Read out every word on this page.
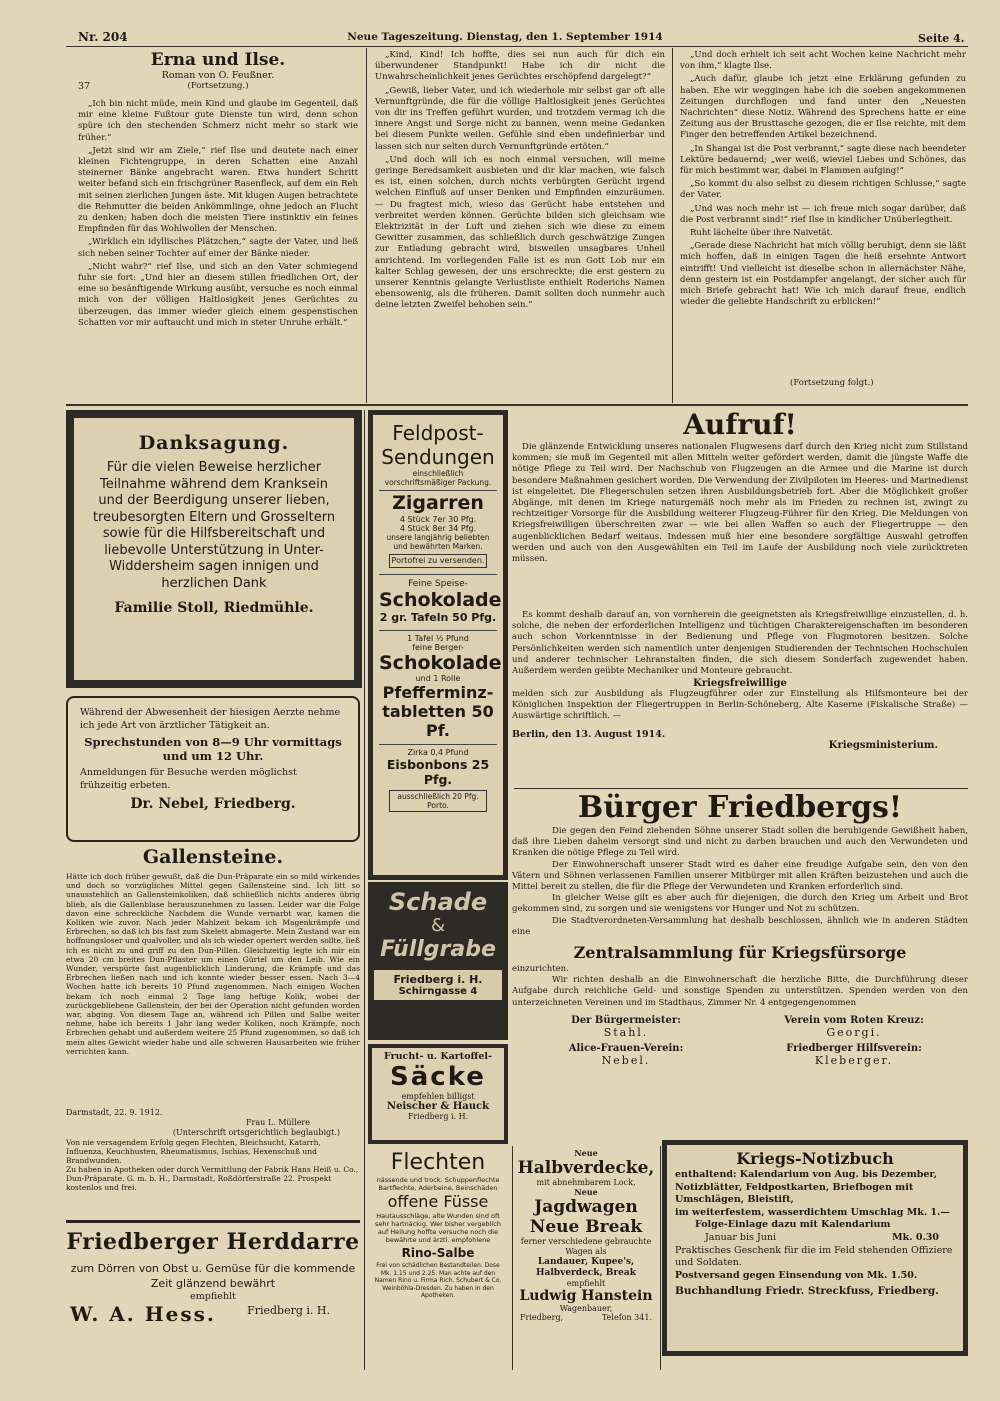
Nr. 204	Neue Tageszeitung. Dienstag, den 1. September 1914	Seite 4.
Erna und Ilse.
Roman von O. Feußner.
37	(Fortsetzung.)

„Ich bin nicht müde, mein Kind und glaube im Gegenteil, daß mir eine kleine Fußtour gute Dienste tun wird, denn schon spüre ich den stechenden Schmerz nicht mehr so stark wie früher.“

„Jetzt sind wir am Ziele,“ rief Ilse und deutete nach einer kleinen Fichtengruppe, in deren Schatten eine Anzahl steinerner Bänke angebracht waren. Etwa hundert Schritt weiter befand sich ein frischgrüner Rasenfleck, auf dem ein Reh mit seinen zierlichen Jungen äste. Mit klugen Augen betrachtete die Rehmutter die beiden Ankömmlinge, ohne jedoch an Flucht zu denken; haben doch die meisten Tiere instinktiv ein feines Empfinden für das Wohlwollen der Menschen.

„Wirklich ein idyllisches Plätzchen,“ sagte der Vater, und ließ sich neben seiner Tochter auf einer der Bänke nieder.

„Nicht wahr?“ rief Ilse, und sich an den Vater schmiegend fuhr sie fort: „Und hier an diesem stillen friedlichen Ort, der eine so besänftigende Wirkung ausübt, versuche es noch einmal mich von der völligen Haltlosigkeit jenes Gerüchtes zu überzeugen, das immer wieder gleich einem gespenstischen Schatten vor mir auftaucht und mich in steter Unruhe erhält.“

„Kind, Kind! Ich hoffte, dies sei nun auch für dich ein überwundener Standpunkt! Habe ich dir nicht die Unwahrscheinlichkeit jenes Gerüchtes erschöpfend dargelegt?“

„Gewiß, lieber Vater, und ich wiederhole mir selbst gar oft alle Vernunftgründe, die für die völlige Haltlosigkeit jenes Gerüchtes von dir ins Treffen geführt wurden, und trotzdem vermag ich die innere Angst und Sorge nicht zu bannen, wenn meine Gedanken bei diesem Punkte weilen. Gefühle sind eben undefinierbar und lassen sich nur selten durch Vernunftgründe ertöten.“

„Und doch will ich es noch einmal versuchen, will meine geringe Beredsamkeit ausbieten und dir klar machen, wie falsch es ist, einen solchen, durch nichts verbürgten Gerücht irgend welchen Einfluß auf unser Denken und Empfinden einzuräumen. — Du fragtest mich, wieso das Gerücht habe entstehen und verbreitet werden können. Gerüchte bilden sich gleichsam wie Elektrizität in der Luft und ziehen sich wie diese zu einem Gewitter zusammen, das schließlich durch geschwätzige Zungen zur Entladung gebracht wird, bisweilen unsagbares Unheil anrichtend. Im vorliegenden Falle ist es nun Gott Lob nur ein kalter Schlag gewesen, der uns erschreckte; die erst gestern zu unserer Kenntnis gelangte Verlustliste enthielt Roderichs Namen ebensowenig, als die früheren. Damit sollten doch nunmehr auch deine letzten Zweifel behoben sein.“

„Und doch erhielt ich seit acht Wochen keine Nachricht mehr von ihm,“ klagte Ilse.

„Auch dafür, glaube ich jetzt eine Erklärung gefunden zu haben. Ehe wir weggingen habe ich die soeben angekommenen Zeitungen durchflogen und fand unter den „Neuesten Nachrichten“ diese Notiz. Während des Sprechens hatte er eine Zeitung aus der Brusttasche gezogen, die er Ilse reichte, mit dem Finger den betreffenden Artikel bezeichnend.

„In Shangai ist die Post verbrannt,“ sagte diese nach beendeter Lektüre bedauernd; „wer weiß, wieviel Liebes und Schönes, das für mich bestimmt war, dabei in Flammen aufging!“

„So kommt du also selbst zu diesem richtigen Schlusse,“ sagte der Vater.

„Und was noch mehr ist — ich freue mich sogar darüber, daß die Post verbrannt sind!“ rief Ilse in kindlicher Unüberlegtheit.

Ruht lächelte über ihre Naivetät.

„Gerade diese Nachricht hat mich völlig beruhigt, denn sie läßt mich hoffen, daß in einigen Tagen die heiß ersehnte Antwort eintrifft! Und vielleicht ist dieselbe schon in allernächster Nähe, denn gestern ist ein Postdampfer angelangt, der sicher auch für mich Briefe gebracht hat! Wie ich mich darauf freue, endlich wieder die geliebte Handschrift zu erblicken!“

(Fortsetzung folgt.)
Danksagung.
Für die vielen Beweise herzlicher Teilnahme während dem Kranksein und der Beerdigung unserer lieben, treubesorgten Eltern und Grosseltern sowie für die Hilfsbereitschaft und liebevolle Unterstützung in Unter-Widdersheim sagen innigen und herzlichen Dank
Familie Stoll, Riedmühle.
Während der Abwesenheit der hiesigen Aerzte nehme ich jede Art von ärztlicher Tätigkeit an.
Sprechstunden von 8—9 Uhr vormittags
und um 12 Uhr.
Anmeldungen für Besuche werden möglichst frühzeitig erbeten.
Dr. Nebel, Friedberg.
Gallensteine.
Hätte ich doch früher gewußt, daß die Dun-Präparate ein so mild wirkendes und doch so vorzügliches Mittel gegen Gallensteine sind. Ich litt so unausstehlich an Gallensteinkoliken, daß schließlich nichts anderes übrig blieb, als die Gallenblase herauszunehmen zu lassen. Leider war die Folge davon eine schreckliche Nachdem die Wunde vernarbt war, kamen die Koliken wie zuvor. Nach jeder Mahlzeit bekam ich Magenkrämpfe und Erbrechen, so daß ich bis fast zum Skelett abmagerte. Mein Zustand war ein hoffnungsloser und qualvoller, und als ich wieder operiert werden sollte, ließ ich es nicht zu und griff zu den Dun-Pillen. Gleichzeitig legte ich mir ein etwa 20 cm breites Dun-Pflaster um einen Gürtel um den Leib. Wie ein Wunder, verspürte fast augenblicklich Linderung, die Krämpfe und das Erbrechen ließen nach und ich konnte wieder besser essen. Nach 3—4 Wochen hatte ich bereits 10 Pfund zugenommen. Nach einigen Wochen bekam ich noch einmal 2 Tage lang heftige Kolik, wobei der zurückgebliebene Gallenstein, der bei der Operation nicht gefunden worden war, abging. Von diesem Tage an, während ich Pillen und Salbe weiter nehme, habe ich bereits 1 Jahr lang weder Koliken, noch Krämpfe, noch Erbrechen gehabt und außerdem weitere 25 Pfund zugenommen, so daß ich mein altes Gewicht wieder habe und alle schweren Hausarbeiten wie früher verrichten kann.
Darmstadt, 22. 9. 1912.
Frau L. Müllere
(Unterschrift ortsgerichtlich beglaubigt.)
Von nie versagendem Erfolg gegen Flechten, Bleichsucht, Katarrh, Influenza, Keuchhusten, Rheumatismus, Ischias, Hexenschuß und Brandwunden.
Zu haben in Apotheken oder durch Vermittlung der Fabrik Hans Heiß u. Co., Dun-Präparate. G. m. b. H., Darmstadt, Roßdörferstraße 22. Prospekt kostenlos und frei.
Friedberger Herddarre
zum Dörren von Obst u. Gemüse für die kommende Zeit glänzend bewährt
empfiehlt
W. A. Hess.	Friedberg i. H.
Feldpost-
Sendungen
einschließlich vorschriftsmäßiger Packung.
Zigarren
4 Stück 7er 30 Pfg.
4 Stück 8er 34 Pfg.
unsere langjährig beliebten und bewährten Marken.
Portofrei zu versenden.
Feine Speise-
Schokolade
2 gr. Tafeln 50 Pfg.
1 Tafel ½ Pfund
feine Berger-
Schokolade
und 1 Rolle
Pfefferminz-
tabletten 50 Pf.
Zirka 0,4 Pfund
Eisbonbons 25 Pfg.
ausschließlich 20 Pfg. Porto.
Schade
&
Füllgrabe
Friedberg i. H.
Schirngasse 4
Frucht- u. Kartoffel-
Säcke
empfehlen billigst
Neischer & Hauck
Friedberg i. H.
Flechten
nässende und trock. Schuppenflechte Bartflechte, Aderbeine, Beinschäden
offene Füsse
Hautausschläge, alte Wunden sind oft sehr hartnäckig. Wer bisher vergeblich auf Heilung hoffte versuche noch die bewährte und ärztl. empfohlene
Rino-Salbe
Frei von schädlichen Bestandteilen. Dose Mk. 1.15 und 2.25. Man achte auf den Namen Rino u. Firma Rich. Schubert & Co. Weinböhla-Dresden. Zu haben in den Apotheken.
Neue
Halbverdecke,
mit abnehmbarem Lock,
Neue
Jagdwagen
Neue Break
ferner verschiedene gebrauchte Wagen als
Landauer, Kupee's, Halbverdeck, Break
empfiehlt
Ludwig Hanstein
Wagenbauer,
Friedberg,	Telefon 341.
Aufruf!
Die glänzende Entwicklung unseres nationalen Flugwesens darf durch den Krieg nicht zum Stillstand kommen; sie muß im Gegenteil mit allen Mitteln weiter gefördert werden, damit die jüngste Waffe die nötige Pflege zu Teil wird. Der Nachschub von Flugzeugen an die Armee und die Marine ist durch besondere Maßnahmen gesichert worden. Die Verwendung der Zivilpiloten im Heeres- und Marinedienst ist eingeleitet. Die Fliegerschulen setzen ihren Ausbildungsbetrieb fort. Aber die Möglichkeit großer Abgänge, mit denen im Kriege naturgemäß noch mehr als im Frieden zu rechnen ist, zwingt zu rechtzeitiger Vorsorge für die Ausbildung weiterer Flugzeug-Führer für den Krieg. Die Meldungen von Kriegsfreiwilligen überschreiten zwar — wie bei allen Waffen so auch der Fliegertruppe — den augenblicklichen Bedarf weitaus. Indessen muß hier eine besondere sorgfältige Auswahl getroffen werden und auch von den Ausgewählten ein Teil im Laufe der Ausbildung noch viele zurücktreten müssen.
Es kommt deshalb darauf an, von vornherein die geeignetsten als Kriegsfreiwillige einzustellen, d. h. solche, die neben der erforderlichen Intelligenz und tüchtigen Charaktereigenschaften im besonderen auch schon Vorkenntnisse in der Bedienung und Pflege von Flugmotoren besitzen. Solche Persönlichkeiten werden sich namentlich unter denjenigen Studierenden der Technischen Hochschulen und anderer technischer Lehranstalten finden, die sich diesem Sonderfach zugewendet haben. Außerdem werden geübte Mechaniker und Monteure gebraucht.
Kriegsfreiwillige
melden sich zur Ausbildung als Flugzeugführer oder zur Einstellung als Hilfsmonteure bei der Königlichen Inspektion der Fliegertruppen in Berlin-Schöneberg, Alte Kaserne (Fiskalische Straße) — Auswärtige schriftlich. —
Berlin, den 13. August 1914.
Kriegsministerium.
Bürger Friedbergs!
Die gegen den Feind ziehenden Söhne unserer Stadt sollen die beruhigende Gewißheit haben, daß ihre Lieben daheim versorgt sind und nicht zu darben brauchen und auch den Verwundeten und Kranken die nötige Pflege zu Teil wird.
Der Einwohnerschaft unserer Stadt wird es daher eine freudige Aufgabe sein, den von den Vätern und Söhnen verlassenen Familien unserer Mitbürger mit allen Kräften beizustehen und auch die Mittel bereit zu stellen, die für die Pflege der Verwundeten und Kranken erforderlich sind.
In gleicher Weise gilt es aber auch für diejenigen, die durch den Krieg um Arbeit und Brot gekommen sind, zu sorgen und sie wenigstens vor Hunger und Not zu schützen.
Die Stadtverordneten-Versammlung hat deshalb beschlossen, ähnlich wie in anderen Städten eine
Zentralsammlung für Kriegsfürsorge
einzurichten.
Wir richten deshalb an die Einwohnerschaft die herzliche Bitte, die Durchführung dieser Aufgabe durch reichliche Geld- und sonstige Spenden zu unterstützen. Spenden werden von den unterzeichneten Vereinen und im Stadthaus, Zimmer Nr. 4 entgegengenommen
Der Bürgermeister:
Stahl.
Alice-Frauen-Verein:
Nebel.
Verein vom Roten Kreuz:
Georgi.
Friedberger Hilfsverein:
Kleberger.
Kriegs-Notizbuch
enthaltend: Kalendarium von Aug. bis Dezember, Notizblätter, Feldpostkarten, Briefbogen mit Umschlägen, Bleistift,
im weiterfestem, wasserdichtem Umschlag Mk. 1.—
Folge-Einlage dazu mit Kalendarium
Januar bis Juni	Mk. 0.30
Praktisches Geschenk für die im Feld stehenden Offiziere und Soldaten.
Postversand gegen Einsendung von Mk. 1.50.
Buchhandlung Friedr. Streckfuss, Friedberg.
